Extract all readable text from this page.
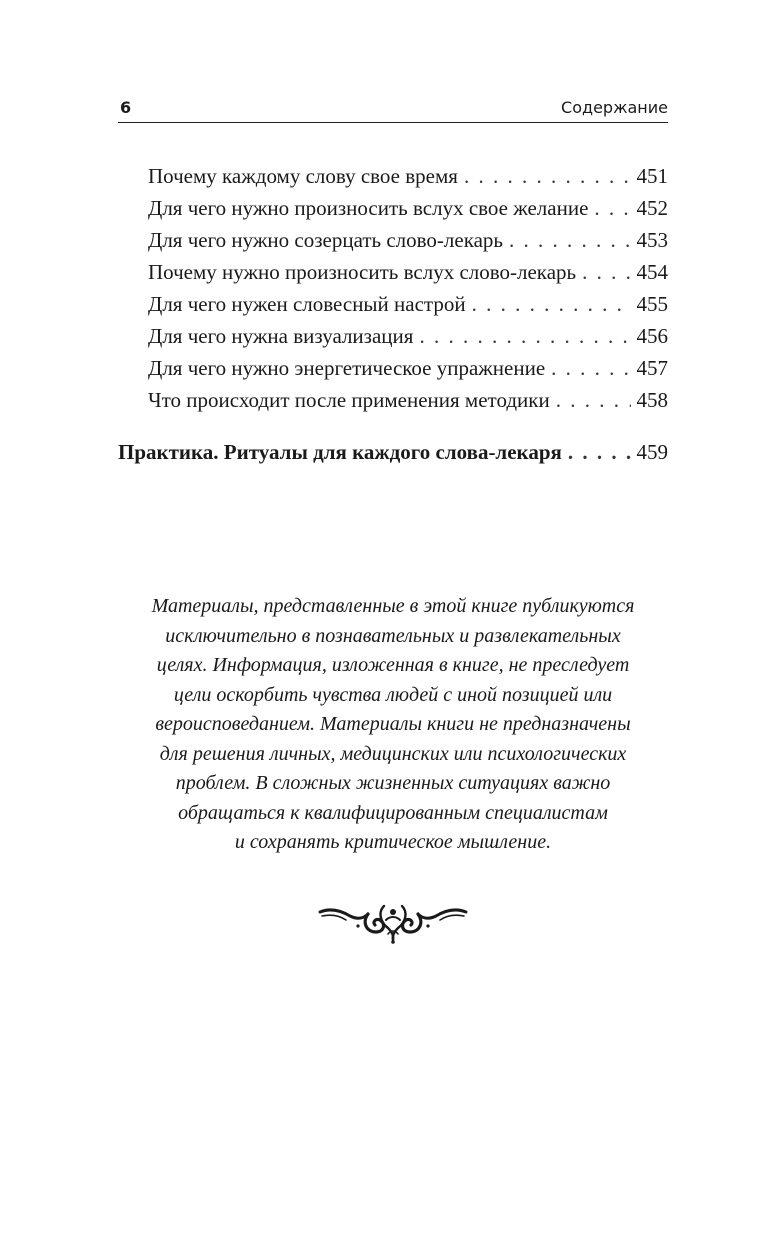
6	Содержание
Почему каждому слову свое время . . .	451
Для чего нужно произносить вслух свое желание . . . 452
Для чего нужно созерцать слово-лекарь . . .	453
Почему нужно произносить вслух слово-лекарь . . .	454
Для чего нужен словесный настрой . . .	455
Для чего нужна визуализация . . .	456
Для чего нужно энергетическое упражнение . . .	457
Что происходит после применения методики . . .	458
Практика. Ритуалы для каждого слова-лекаря . . .	459
Материалы, представленные в этой книге публикуются
исключительно в познавательных и развлекательных
целях. Информация, изложенная в книге, не преследует
цели оскорбить чувства людей с иной позицией или
вероисповеданием. Материалы книги не предназначены
для решения личных, медицинских или психологических
проблем. В сложных жизненных ситуациях важно
обращаться к квалифицированным специалистам
и сохранять критическое мышление.
